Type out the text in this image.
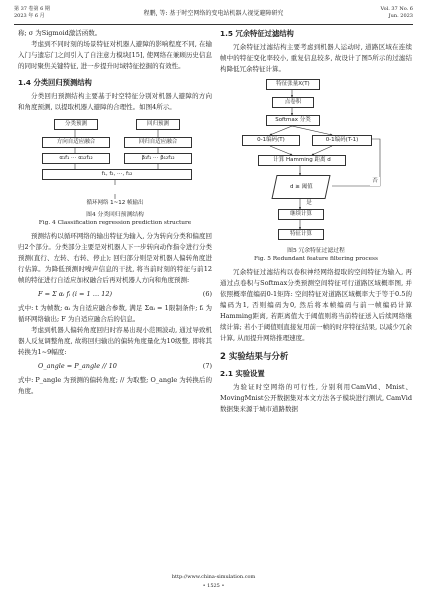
第 37 卷第 6 期
2023 年 6 月
Vol. 37 No. 6
Jun. 2023
程鹏, 等: 基于时空网络的变电站机器人视觉避障研究

称; σ 为Sigmoid激活函数。

考虑到不同时刻的场景特征对机器人避障的影响程度不同, 在输入门与遗忘门之间引入了自注意力模块[15], 使网络在兼顾历史信息的同时聚焦关键特征, 进一步提升时域特征挖掘的有效性。

1.4 分类回归预测结构

分类回归预测结构主要基于时空特征分别对机器人避障的方向和角度预测, 以提取机器人避障的合理性。如图4所示。

分类预测	回归预测
方向自适应融合	回归自适应融合
α₁f₁ ⋯ α₁₂f₁₂	β₁f₁ ⋯ β₁₂f₁₂
f₁, f₂, ⋯, f₁₂
循环网络 1~12 帧输出
图4 分类回归预测结构
Fig. 4 Classification regression prediction structure

预测结构以循环网络的输出特征为输入, 分为转向分类和偏度回归2个部分。分类部分主要是对机器人下一步转向动作指令进行分类预测(直行、左转、右转、停止); 回归部分则是对机器人偏转角度进行估算。为降低预测时噪声信息的干扰, 将当前时刻的特征与前12帧的特征进行自适应加权融合后再对机器人方向和角度预测:

F = Σ αᵢ fᵢ (i = 1 … 12)	(6)

式中: t 为帧数; αᵢ 为自适应融合参数, 满足 Σαᵢ = 1限制条件; fᵢ 为循环网络输出; F 为自适应融合后的信息。

考虑到机器人偏转角度回归时容易出现小范围波动, 通过导致机器人反复调整角度, 故将回归输出的偏转角度量化为10级整, 即将其转换为1~9幅度:

O_angle = P_angle // 10	(7)

式中: P_angle 为预测的偏转角度; // 为取整; O_angle 为转换后的角度。

1.5 冗余特征过滤结构

冗余特征过滤结构主要考虑到机器人运动时, 道路区域在连续帧中的特征变化率较小, 重复信息较多, 故设计了图5所示的过滤结构降低冗余特征计算。

特征张量X(T)
点卷积
Softmax 分类
0-1编码(T)	0-1编码(T-1)
计算 Hamming 距离 d
d ≥ 阈值
继续计算
特征计算
是
否
图5 冗余特征过滤过程
Fig. 5 Redundant feature filtering process

冗余特征过滤结构以卷积神经网络提取的空间特征为输入, 再通过点卷积与Softmax分类预测空间特征可行道路区域概率图, 并依照概率值编码0-1矩阵: 空间特征对道路区域概率大于等于0.5的编码为1, 否则编码为0, 然后将本帧编码与前一帧编码计算Hamming距离, 若距离值大于阈值则将当前特征送入后续网络继续计算; 若小于阈值则直接复用前一帧的时序特征结果, 以减少冗余计算, 从而提升网络推理速度。

2 实验结果与分析
2.1 实验设置

为验证时空网络的可行性, 分别利用CamVid、Mnist、MovingMnist公开数据集对本文方法各子模块进行测试, CamVid数据集来源于城市道路数据

http://www.china-simulation.com
• 1525 •
